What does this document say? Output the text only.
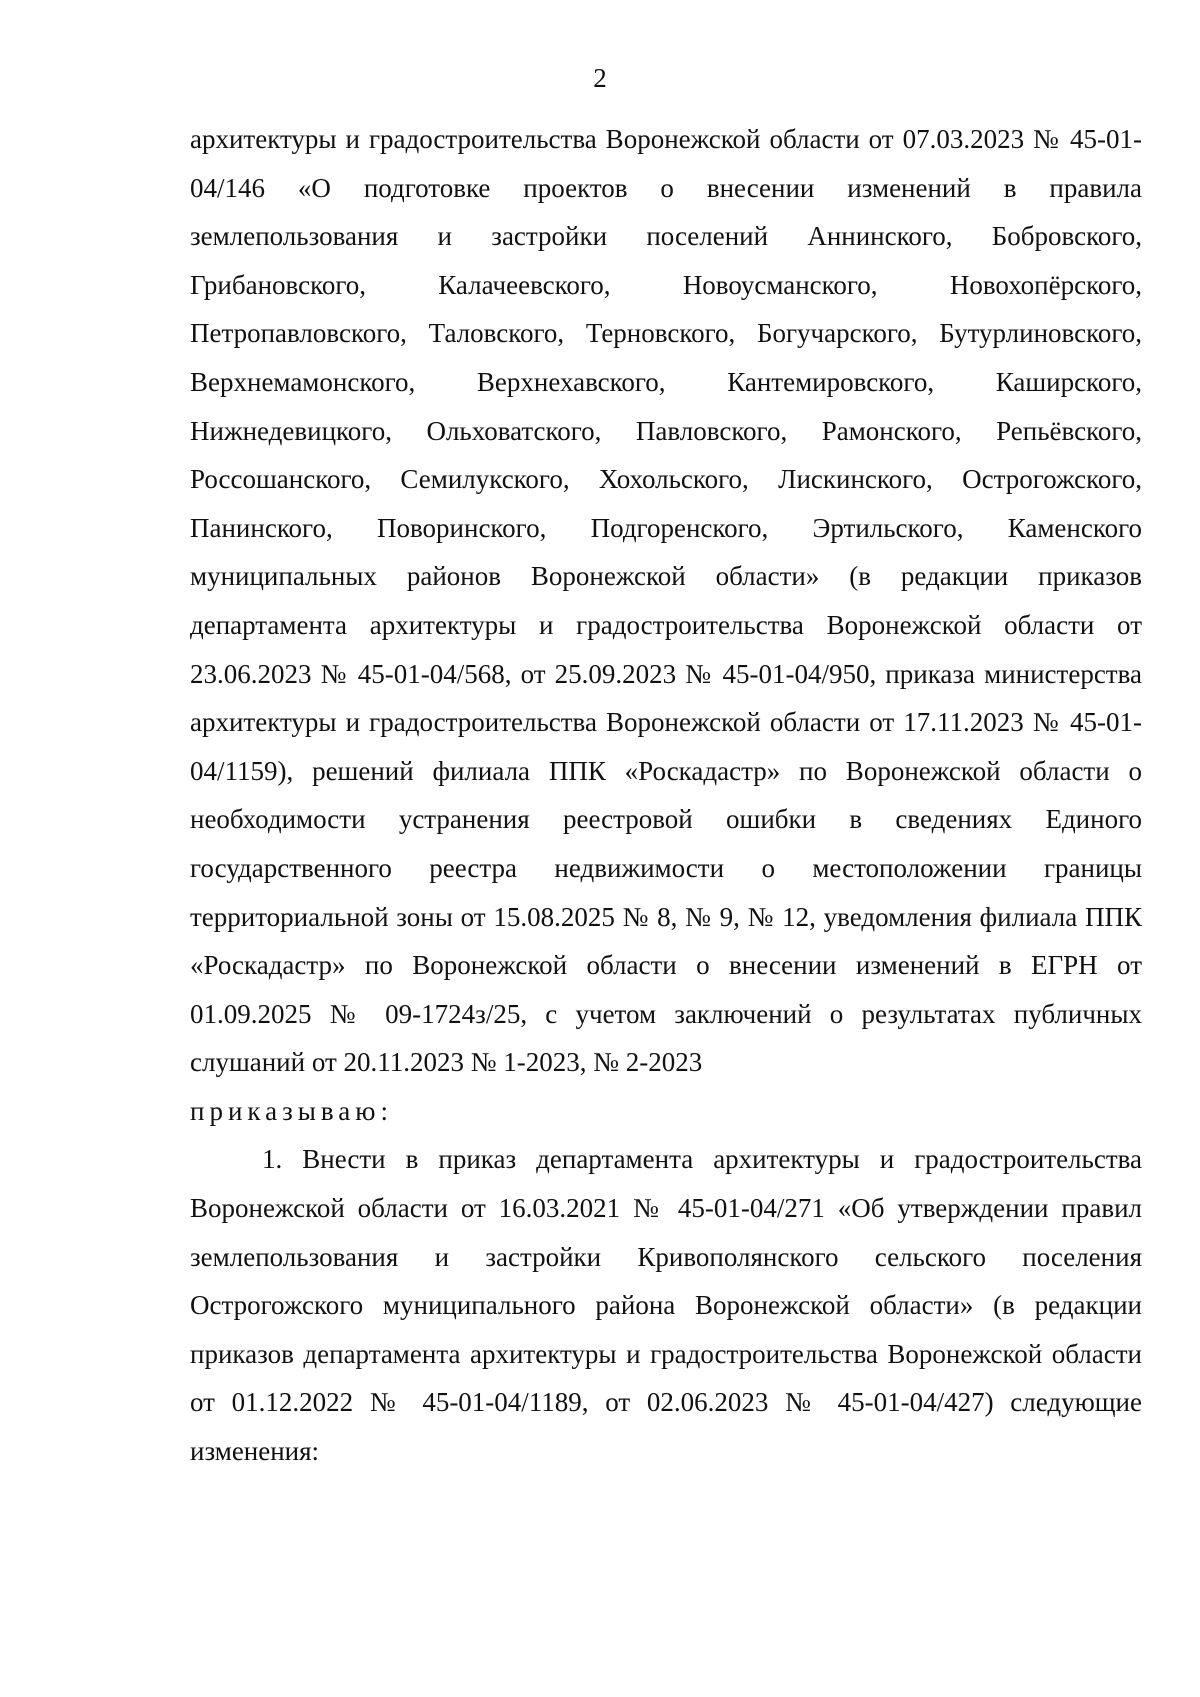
2

архитектуры и градостроительства Воронежской области от 07.03.2023 № 45-01-04/146 «О подготовке проектов о внесении изменений в правила землепользования и застройки поселений Аннинского, Бобровского, Грибановского, Калачеевского, Новоусманского, Новохопёрского, Петропавловского, Таловского, Терновского, Богучарского, Бутурлиновского, Верхнемамонского, Верхнехавского, Кантемировского, Каширского, Нижнедевицкого, Ольховатского, Павловского, Рамонского, Репьёвского, Россошанского, Семилукского, Хохольского, Лискинского, Острогожского, Панинского, Поворинского, Подгоренского, Эртильского, Каменского муниципальных районов Воронежской области» (в редакции приказов департамента архитектуры и градостроительства Воронежской области от 23.06.2023 № 45-01-04/568, от 25.09.2023 № 45-01-04/950, приказа министерства архитектуры и градостроительства Воронежской области от 17.11.2023 № 45-01-04/1159), решений филиала ППК «Роскадастр» по Воронежской области о необходимости устранения реестровой ошибки в сведениях Единого государственного реестра недвижимости о местоположении границы территориальной зоны от 15.08.2025 № 8, № 9, № 12, уведомления филиала ППК «Роскадастр» по Воронежской области о внесении изменений в ЕГРН от 01.09.2025 № 09-1724з/25, с учетом заключений о результатах публичных слушаний от 20.11.2023 № 1-2023, № 2-2023

приказываю:

1. Внести в приказ департамента архитектуры и градостроительства Воронежской области от 16.03.2021 № 45-01-04/271 «Об утверждении правил землепользования и застройки Кривополянского сельского поселения Острогожского муниципального района Воронежской области» (в редакции приказов департамента архитектуры и градостроительства Воронежской области от 01.12.2022 № 45-01-04/1189, от 02.06.2023 № 45-01-04/427) следующие изменения:
